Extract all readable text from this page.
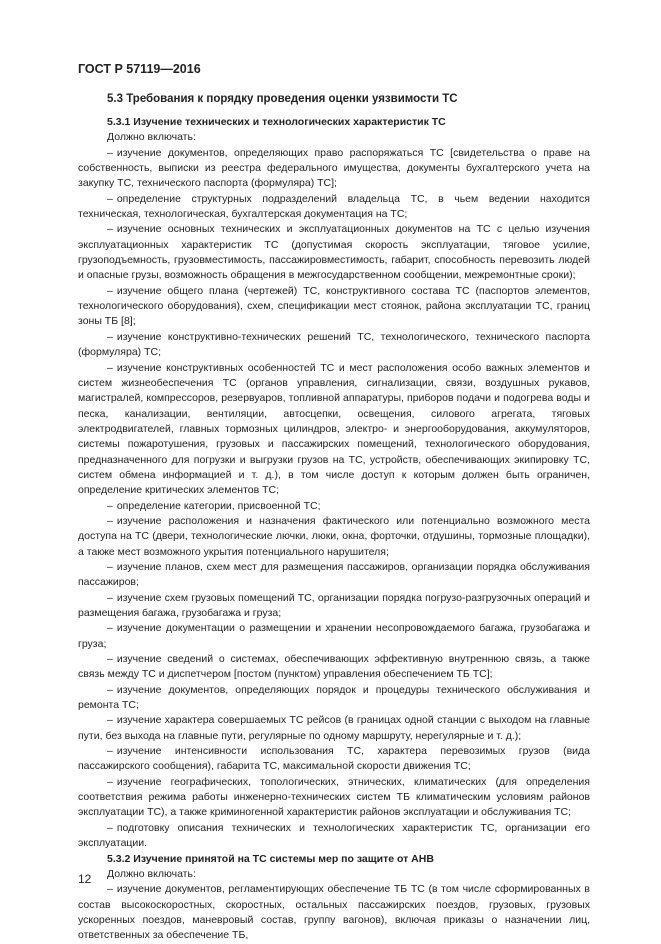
ГОСТ Р 57119—2016
5.3 Требования к порядку проведения оценки уязвимости ТС
5.3.1 Изучение технических и технологических характеристик ТС
Должно включать:
– изучение документов, определяющих право распоряжаться ТС [свидетельства о праве на собственность, выписки из реестра федерального имущества, документы бухгалтерского учета на закупку ТС, технического паспорта (формуляра) ТС];
– определение структурных подразделений владельца ТС, в чьем ведении находится техническая, технологическая, бухгалтерская документация на ТС;
– изучение основных технических и эксплуатационных документов на ТС с целью изучения эксплуатационных характеристик ТС (допустимая скорость эксплуатации, тяговое усилие, грузоподъемность, грузовместимость, пассажировместимость, габарит, способность перевозить людей и опасные грузы, возможность обращения в межгосударственном сообщении, межремонтные сроки);
– изучение общего плана (чертежей) ТС, конструктивного состава ТС (паспортов элементов, технологического оборудования), схем, спецификации мест стоянок, района эксплуатации ТС, границ зоны ТБ [8];
– изучение конструктивно-технических решений ТС, технологического, технического паспорта (формуляра) ТС;
– изучение конструктивных особенностей ТС и мест расположения особо важных элементов и систем жизнеобеспечения ТС (органов управления, сигнализации, связи, воздушных рукавов, магистралей, компрессоров, резервуаров, топливной аппаратуры, приборов подачи и подогрева воды и песка, канализации, вентиляции, автосцепки, освещения, силового агрегата, тяговых электродвигателей, главных тормозных цилиндров, электро- и энергооборудования, аккумуляторов, системы пожаротушения, грузовых и пассажирских помещений, технологического оборудования, предназначенного для погрузки и выгрузки грузов на ТС, устройств, обеспечивающих экипировку ТС, систем обмена информацией и т. д.), в том числе доступ к которым должен быть ограничен, определение критических элементов ТС;
– определение категории, присвоенной ТС;
– изучение расположения и назначения фактического или потенциально возможного места доступа на ТС (двери, технологические лючки, люки, окна, форточки, отдушины, тормозные площадки), а также мест возможного укрытия потенциального нарушителя;
– изучение планов, схем мест для размещения пассажиров, организации порядка обслуживания пассажиров;
– изучение схем грузовых помещений ТС, организации порядка погрузо-разгрузочных операций и размещения багажа, грузобагажа и груза;
– изучение документации о размещении и хранении несопровождаемого багажа, грузобагажа и груза;
– изучение сведений о системах, обеспечивающих эффективную внутреннюю связь, а также связь между ТС и диспетчером [постом (пунктом) управления обеспечением ТБ ТС];
– изучение документов, определяющих порядок и процедуры технического обслуживания и ремонта ТС;
– изучение характера совершаемых ТС рейсов (в границах одной станции с выходом на главные пути, без выхода на главные пути, регулярные по одному маршруту, нерегулярные и т. д.);
– изучение интенсивности использования ТС, характера перевозимых грузов (вида пассажирского сообщения), габарита ТС, максимальной скорости движения ТС;
– изучение географических, топологических, этнических, климатических (для определения соответствия режима работы инженерно-технических систем ТБ климатическим условиям районов эксплуатации ТС), а также криминогенной характеристик районов эксплуатации и обслуживания ТС;
– подготовку описания технических и технологических характеристик ТС, организации его эксплуатации.
5.3.2 Изучение принятой на ТС системы мер по защите от АНВ
Должно включать:
– изучение документов, регламентирующих обеспечение ТБ ТС (в том числе сформированных в состав высокоскоростных, скоростных, остальных пассажирских поездов, грузовых, грузовых ускоренных поездов, маневровый состав, группу вагонов), включая приказы о назначении лиц, ответственных за обеспечение ТБ,
12
